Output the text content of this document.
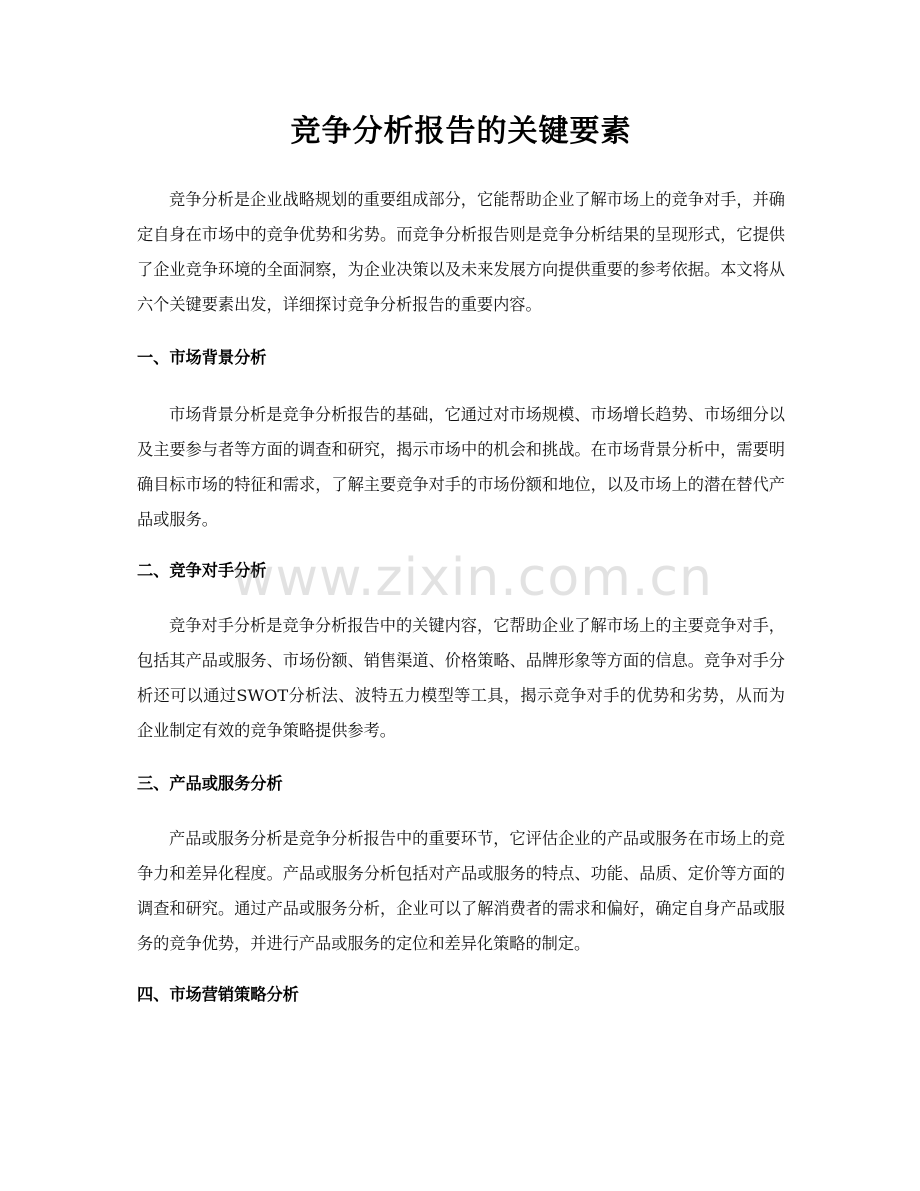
竞争分析报告的关键要素

竞争分析是企业战略规划的重要组成部分，它能帮助企业了解市场上的竞争对手，并确定自身在市场中的竞争优势和劣势。而竞争分析报告则是竞争分析结果的呈现形式，它提供了企业竞争环境的全面洞察，为企业决策以及未来发展方向提供重要的参考依据。本文将从六个关键要素出发，详细探讨竞争分析报告的重要内容。

一、市场背景分析

市场背景分析是竞争分析报告的基础，它通过对市场规模、市场增长趋势、市场细分以及主要参与者等方面的调查和研究，揭示市场中的机会和挑战。在市场背景分析中，需要明确目标市场的特征和需求，了解主要竞争对手的市场份额和地位，以及市场上的潜在替代产品或服务。

二、竞争对手分析

竞争对手分析是竞争分析报告中的关键内容，它帮助企业了解市场上的主要竞争对手，包括其产品或服务、市场份额、销售渠道、价格策略、品牌形象等方面的信息。竞争对手分析还可以通过SWOT分析法、波特五力模型等工具，揭示竞争对手的优势和劣势，从而为企业制定有效的竞争策略提供参考。

三、产品或服务分析

产品或服务分析是竞争分析报告中的重要环节，它评估企业的产品或服务在市场上的竞争力和差异化程度。产品或服务分析包括对产品或服务的特点、功能、品质、定价等方面的调查和研究。通过产品或服务分析，企业可以了解消费者的需求和偏好，确定自身产品或服务的竞争优势，并进行产品或服务的定位和差异化策略的制定。

四、市场营销策略分析
www.zixin.com.cn
